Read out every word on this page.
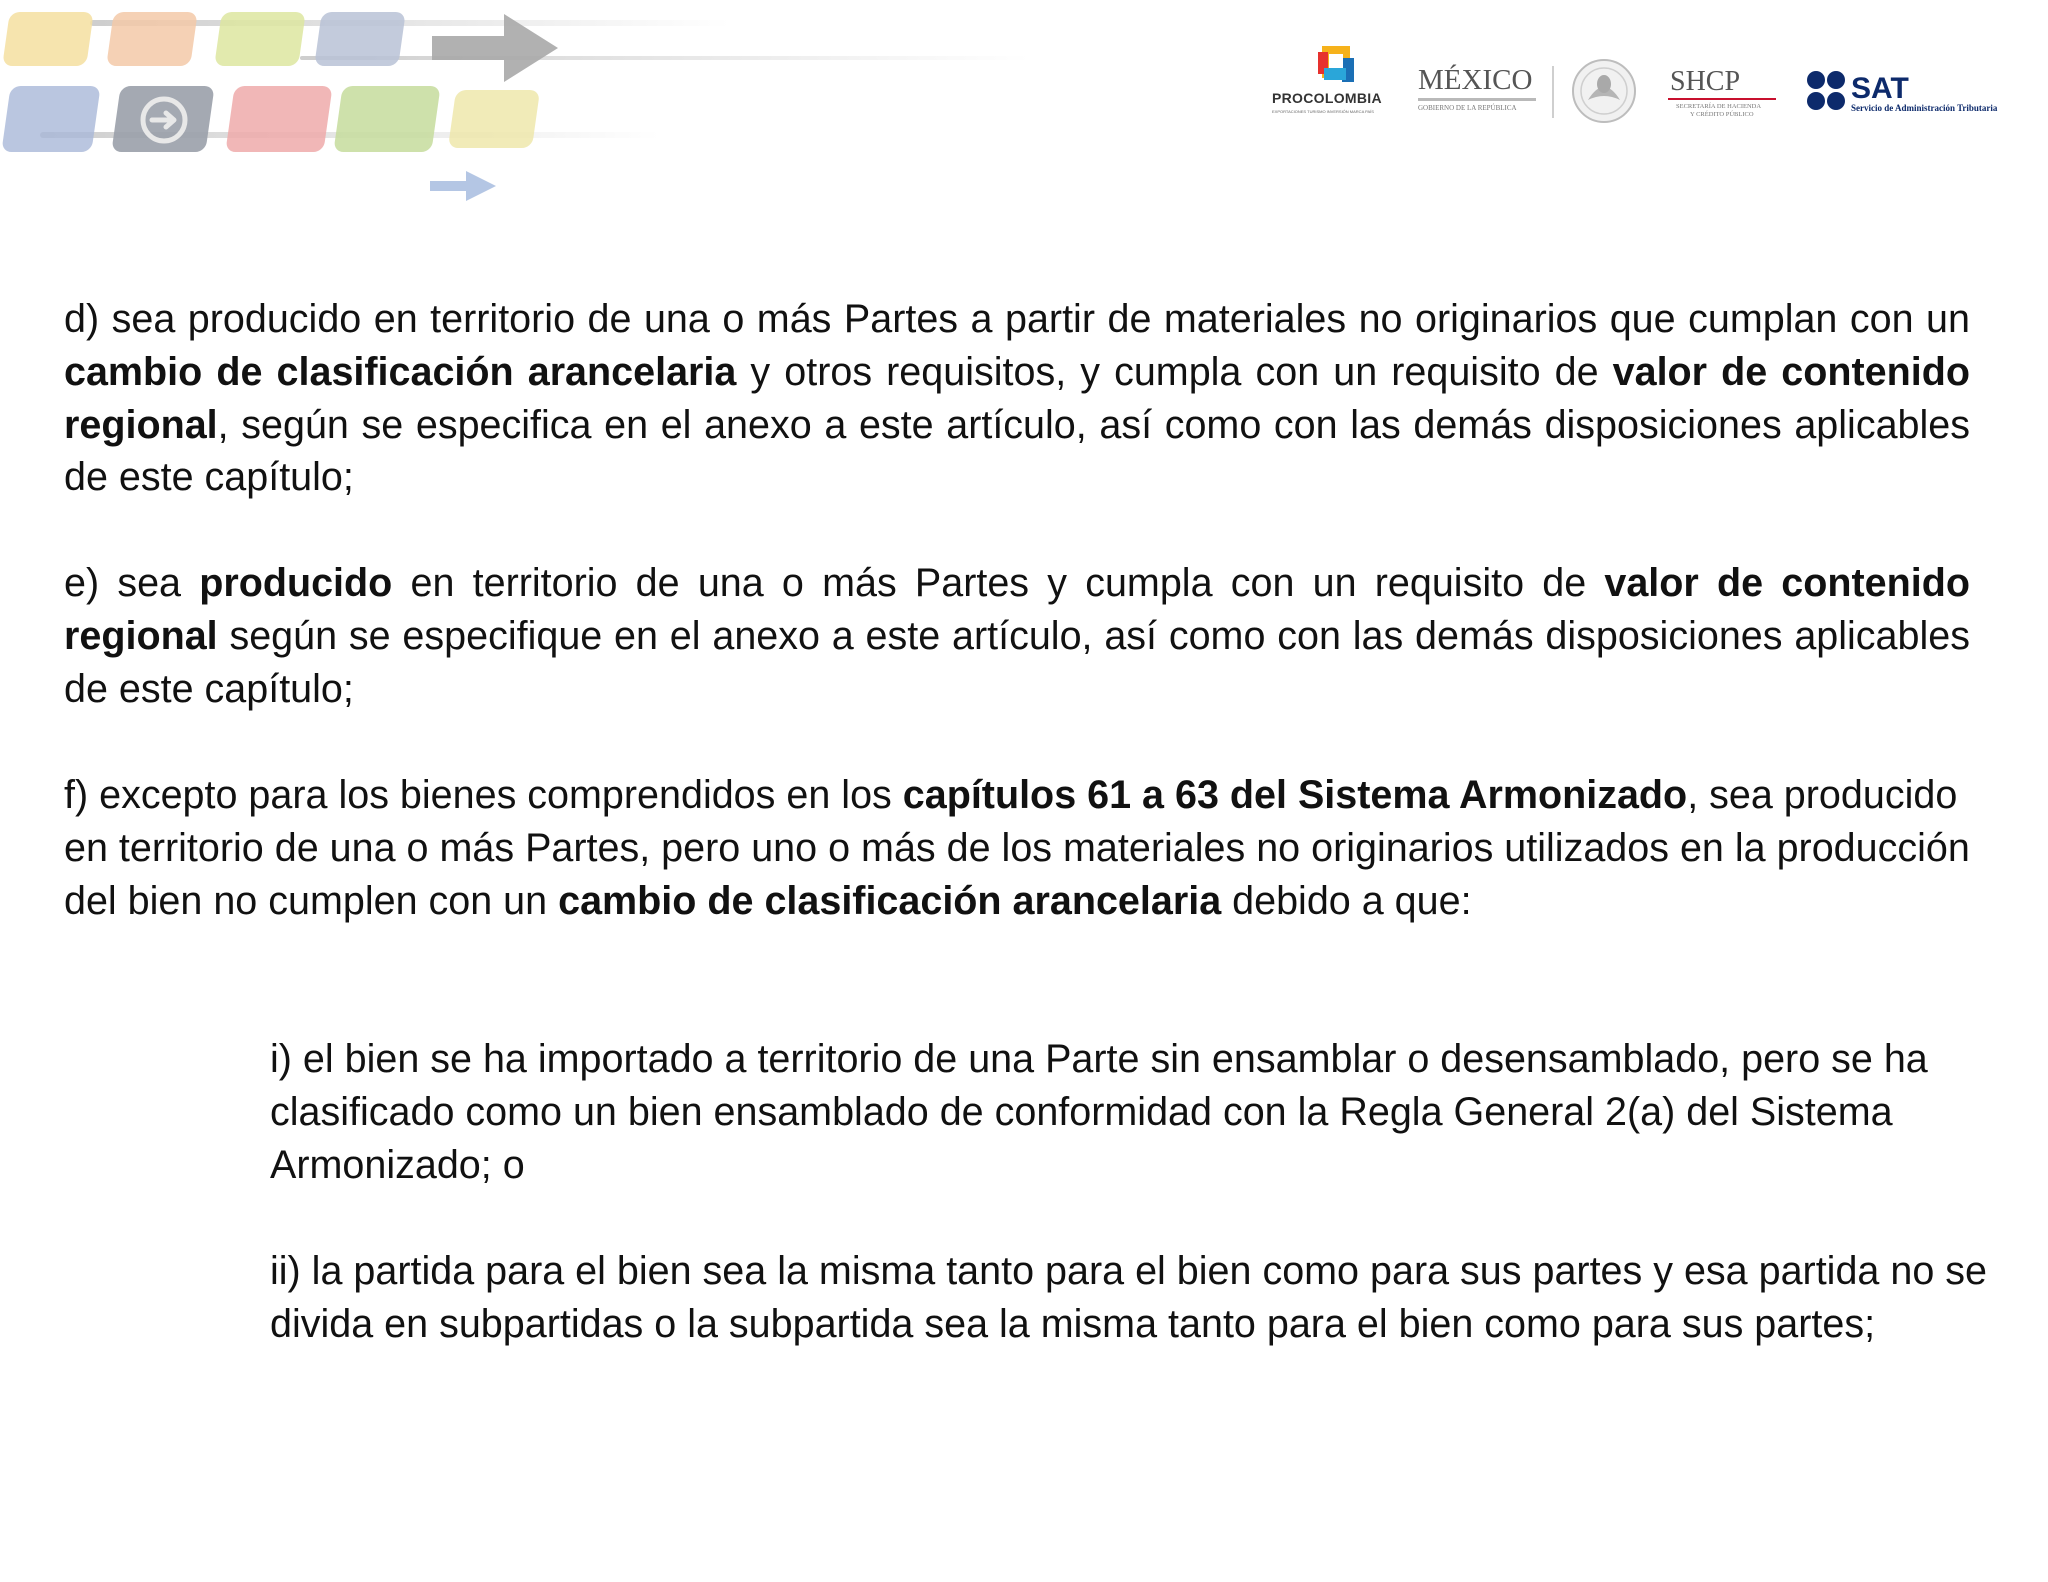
PROCOLOMBIA
EXPORTACIONES TURISMO INVERSIÓN MARCA PAÍS
MÉXICO
GOBIERNO DE LA REPÚBLICA
SHCP
SECRETARÍA DE HACIENDA
Y CRÉDITO PÚBLICO
SAT
Servicio de Administración Tributaria

d) sea producido en territorio de una o más Partes a partir de materiales no originarios que cumplan con un cambio de clasificación arancelaria y otros requisitos, y cumpla con un requisito de valor de contenido regional, según se especifica en el anexo a este artículo, así como con las demás disposiciones aplicables de este capítulo;

e) sea producido en territorio de una o más Partes y cumpla con un requisito de valor de contenido regional según se especifique en el anexo a este artículo, así como con las demás disposiciones aplicables de este capítulo;

f) excepto para los bienes comprendidos en los capítulos 61 a 63 del Sistema Armonizado, sea producido en territorio de una o más Partes, pero uno o más de los materiales no originarios utilizados en la producción del bien no cumplen con un cambio de clasificación arancelaria debido a que:

i) el bien se ha importado a territorio de una Parte sin ensamblar o desensamblado, pero se ha clasificado como un bien ensamblado de conformidad con la Regla General 2(a) del Sistema Armonizado; o

ii) la partida para el bien sea la misma tanto para el bien como para sus partes y esa partida no se divida en subpartidas o la subpartida sea la misma tanto para el bien como para sus partes;
